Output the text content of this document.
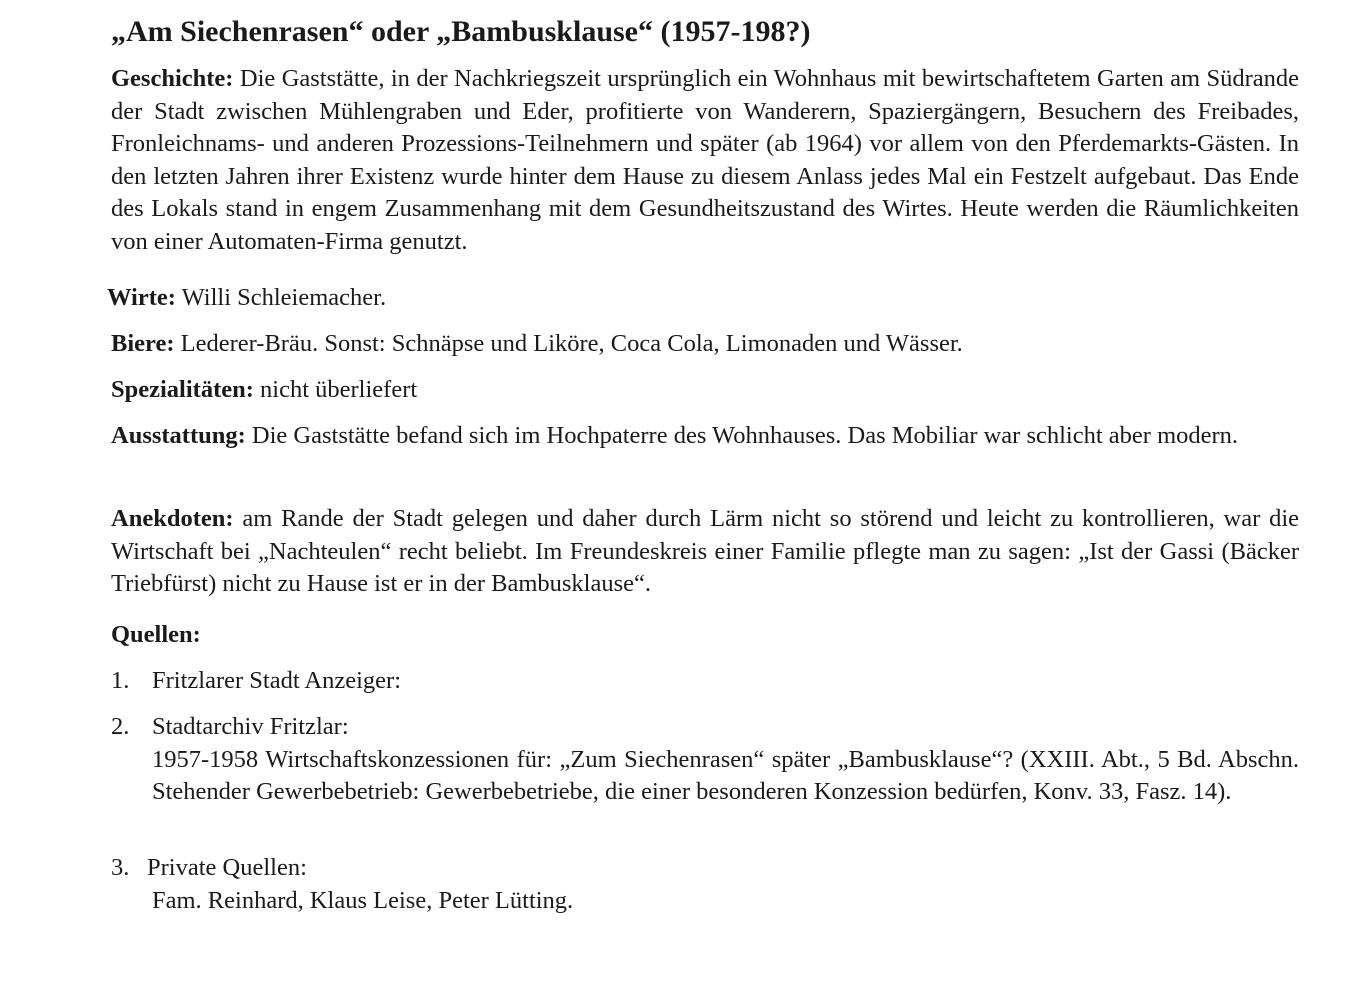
„Am Siechenrasen“ oder „Bambusklause“ (1957-198?)

Geschichte: Die Gaststätte, in der Nachkriegszeit ursprünglich ein Wohnhaus mit bewirtschaftetem Garten am Südrande der Stadt zwischen Mühlengraben und Eder, profitierte von Wanderern, Spaziergängern, Besuchern des Freibades, Fronleichnams- und anderen Prozessions-Teilnehmern und später (ab 1964) vor allem von den Pferdemarkts-Gästen. In den letzten Jahren ihrer Existenz wurde hinter dem Hause zu diesem Anlass jedes Mal ein Festzelt aufgebaut. Das Ende des Lokals stand in engem Zusammenhang mit dem Gesundheitszustand des Wirtes. Heute werden die Räumlichkeiten von einer Automaten-Firma genutzt.

Wirte: Willi Schleiemacher.

Biere: Lederer-Bräu. Sonst: Schnäpse und Liköre, Coca Cola, Limonaden und Wässer.

Spezialitäten: nicht überliefert

Ausstattung: Die Gaststätte befand sich im Hochpaterre des Wohnhauses. Das Mobiliar war schlicht aber modern.

Anekdoten: am Rande der Stadt gelegen und daher durch Lärm nicht so störend und leicht zu kontrollieren, war die Wirtschaft bei „Nachteulen“ recht beliebt. Im Freundeskreis einer Familie pflegte man zu sagen: „Ist der Gassi (Bäcker Triebfürst) nicht zu Hause ist er in der Bambusklause“.

Quellen:

1. Fritzlarer Stadt Anzeiger:
2. Stadtarchiv Fritzlar:
1957-1958 Wirtschaftskonzessionen für: „Zum Siechenrasen“ später „Bambusklause“? (XXIII. Abt., 5 Bd. Abschn. Stehender Gewerbebetrieb: Gewerbebetriebe, die einer besonderen Konzession bedürfen, Konv. 33, Fasz. 14).
3. Private Quellen:
Fam. Reinhard, Klaus Leise, Peter Lütting.
